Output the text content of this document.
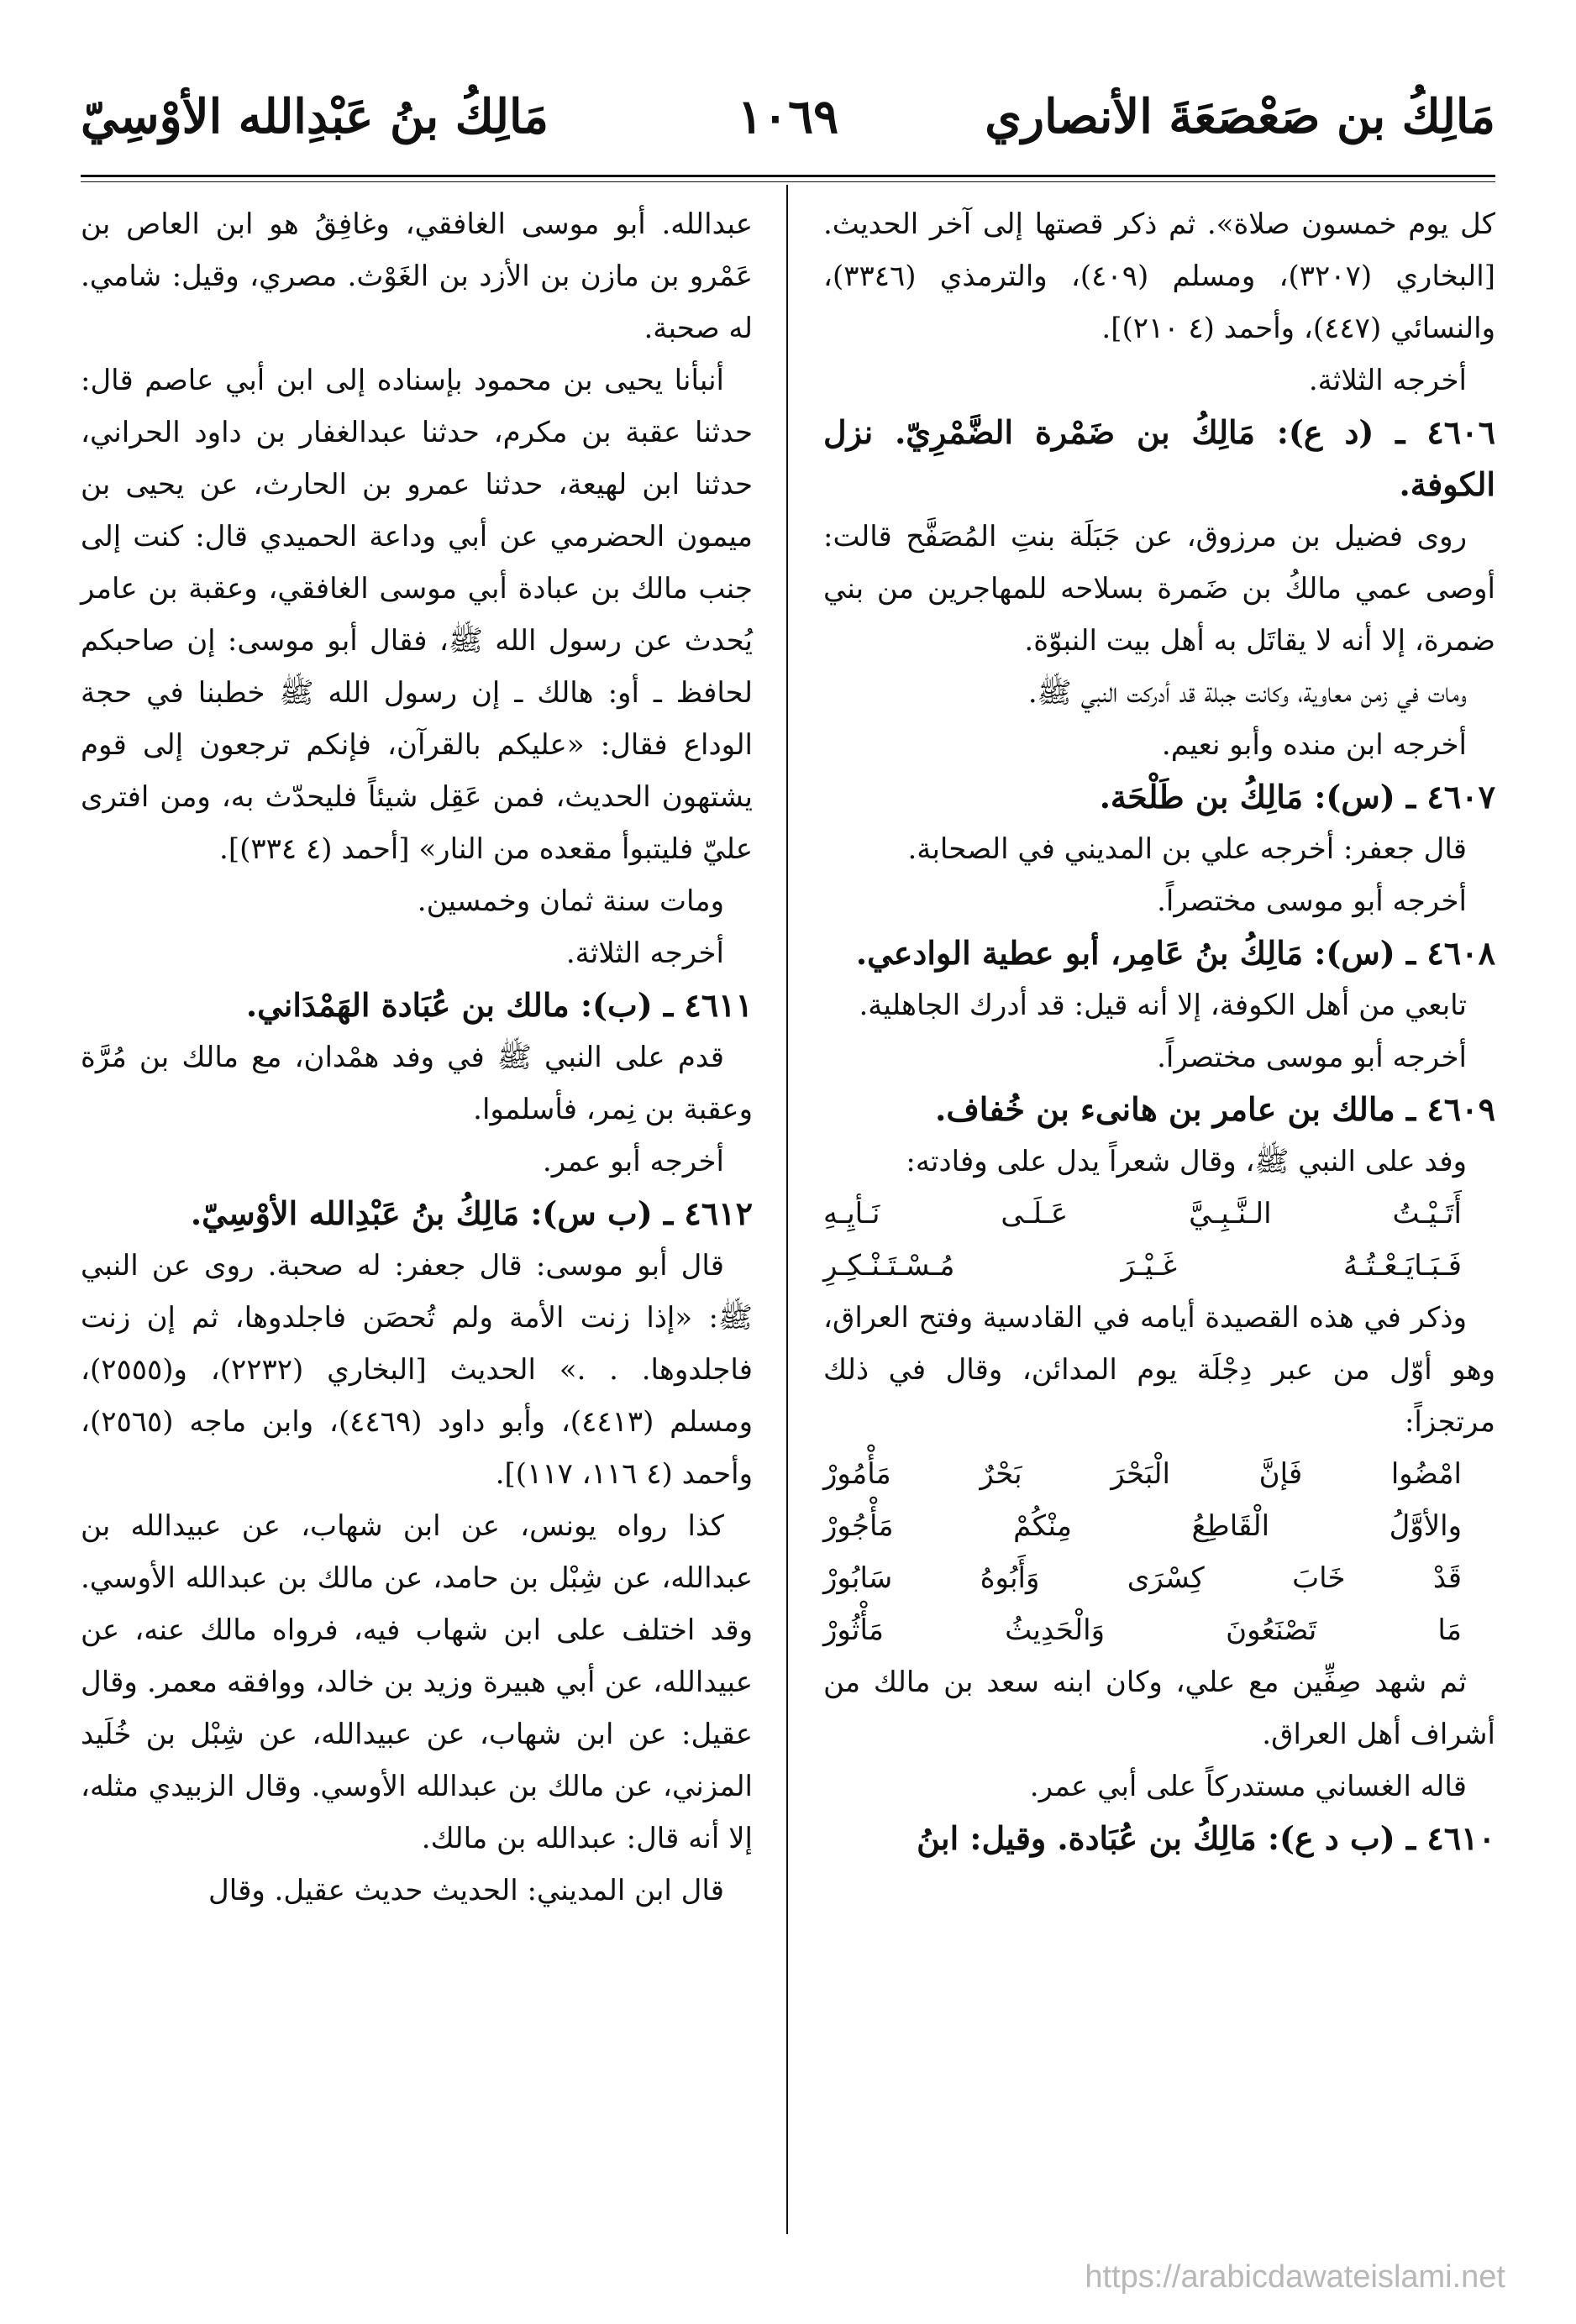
مَالِكُ بن صَعْصَعَةَ الأنصاري
١٠٦٩
مَالِكُ بنُ عَبْدِالله الأوْسِيّ

كل يوم خمسون صلاة». ثم ذكر قصتها إلى آخر الحديث. [البخاري (٣٢٠٧)، ومسلم (٤٠٩)، والترمذي (٣٣٤٦)، والنسائي (٤٤٧)، وأحمد (٤ ٢١٠)].

أخرجه الثلاثة.

٤٦٠٦ ـ (د ع): مَالِكُ بن ضَمْرة الضَّمْرِيّ. نزل الكوفة.

روى فضيل بن مرزوق، عن جَبَلَة بنتِ المُصَفَّح قالت: أوصى عمي مالكُ بن ضَمرة بسلاحه للمهاجرين من بني ضمرة، إلا أنه لا يقاتَل به أهل بيت النبوّة.

ومات في زمن معاوية، وكانت جبلة قد أدركت النبي ﷺ.

أخرجه ابن منده وأبو نعيم.

٤٦٠٧ ـ (س): مَالِكُ بن طَلْحَة.

قال جعفر: أخرجه علي بن المديني في الصحابة.

أخرجه أبو موسى مختصراً.

٤٦٠٨ ـ (س): مَالِكُ بنُ عَامِر، أبو عطية الوادعي.

تابعي من أهل الكوفة، إلا أنه قيل: قد أدرك الجاهلية.

أخرجه أبو موسى مختصراً.

٤٦٠٩ ـ مالك بن عامر بن هانىء بن خُفاف.

وفد على النبي ﷺ، وقال شعراً يدل على وفادته:

أَتَـيْـتُ الـنَّـبِـيَّ عَـلَـى نَـأيِـهِ
فَـبَـايَـعْـتُـهُ غَـيْـرَ مُـسْـتَـنْـكِـرِ

وذكر في هذه القصيدة أيامه في القادسية وفتح العراق، وهو أوّل من عبر دِجْلَة يوم المدائن، وقال في ذلك مرتجزاً:

امْضُوا فَإنَّ الْبَحْرَ بَحْرٌ مَأْمُورْ
والأوَّلُ الْقَاطِعُ مِنْكُمْ مَأْجُورْ
قَدْ خَابَ كِسْرَى وَأَبُوهُ سَابُورْ
مَا تَصْنَعُونَ وَالْحَدِيثُ مَأْثُورْ

ثم شهد صِفِّين مع علي، وكان ابنه سعد بن مالك من أشراف أهل العراق.

قاله الغساني مستدركاً على أبي عمر.

٤٦١٠ ـ (ب د ع): مَالِكُ بن عُبَادة. وقيل: ابنُ

عبدالله. أبو موسى الغافقي، وغافِقُ هو ابن العاص بن عَمْرو بن مازن بن الأزد بن الغَوْث. مصري، وقيل: شامي. له صحبة.

أنبأنا يحيى بن محمود بإسناده إلى ابن أبي عاصم قال: حدثنا عقبة بن مكرم، حدثنا عبدالغفار بن داود الحراني، حدثنا ابن لهيعة، حدثنا عمرو بن الحارث، عن يحيى بن ميمون الحضرمي عن أبي وداعة الحميدي قال: كنت إلى جنب مالك بن عبادة أبي موسى الغافقي، وعقبة بن عامر يُحدث عن رسول الله ﷺ، فقال أبو موسى: إن صاحبكم لحافظ ـ أو: هالك ـ إن رسول الله ﷺ خطبنا في حجة الوداع فقال: «عليكم بالقرآن، فإنكم ترجعون إلى قوم يشتهون الحديث، فمن عَقِل شيئاً فليحدّث به، ومن افترى عليّ فليتبوأ مقعده من النار» [أحمد (٤ ٣٣٤)].

ومات سنة ثمان وخمسين.

أخرجه الثلاثة.

٤٦١١ ـ (ب): مالك بن عُبَادة الهَمْدَاني.

قدم على النبي ﷺ في وفد همْدان، مع مالك بن مُرَّة وعقبة بن نِمر، فأسلموا.

أخرجه أبو عمر.

٤٦١٢ ـ (ب س): مَالِكُ بنُ عَبْدِالله الأوْسِيّ.

قال أبو موسى: قال جعفر: له صحبة. روى عن النبي ﷺ: «إذا زنت الأمة ولم تُحصَن فاجلدوها، ثم إن زنت فاجلدوها. . .» الحديث [البخاري (٢٢٣٢)، و(٢٥٥٥)، ومسلم (٤٤١٣)، وأبو داود (٤٤٦٩)، وابن ماجه (٢٥٦٥)، وأحمد (٤ ١١٦، ١١٧)].

كذا رواه يونس، عن ابن شهاب، عن عبيدالله بن عبدالله، عن شِبْل بن حامد، عن مالك بن عبدالله الأوسي. وقد اختلف على ابن شهاب فيه، فرواه مالك عنه، عن عبيدالله، عن أبي هبيرة وزيد بن خالد، ووافقه معمر. وقال عقيل: عن ابن شهاب، عن عبيدالله، عن شِبْل بن خُلَيد المزني، عن مالك بن عبدالله الأوسي. وقال الزبيدي مثله، إلا أنه قال: عبدالله بن مالك.

قال ابن المديني: الحديث حديث عقيل. وقال

https://arabicdawateislami.net
